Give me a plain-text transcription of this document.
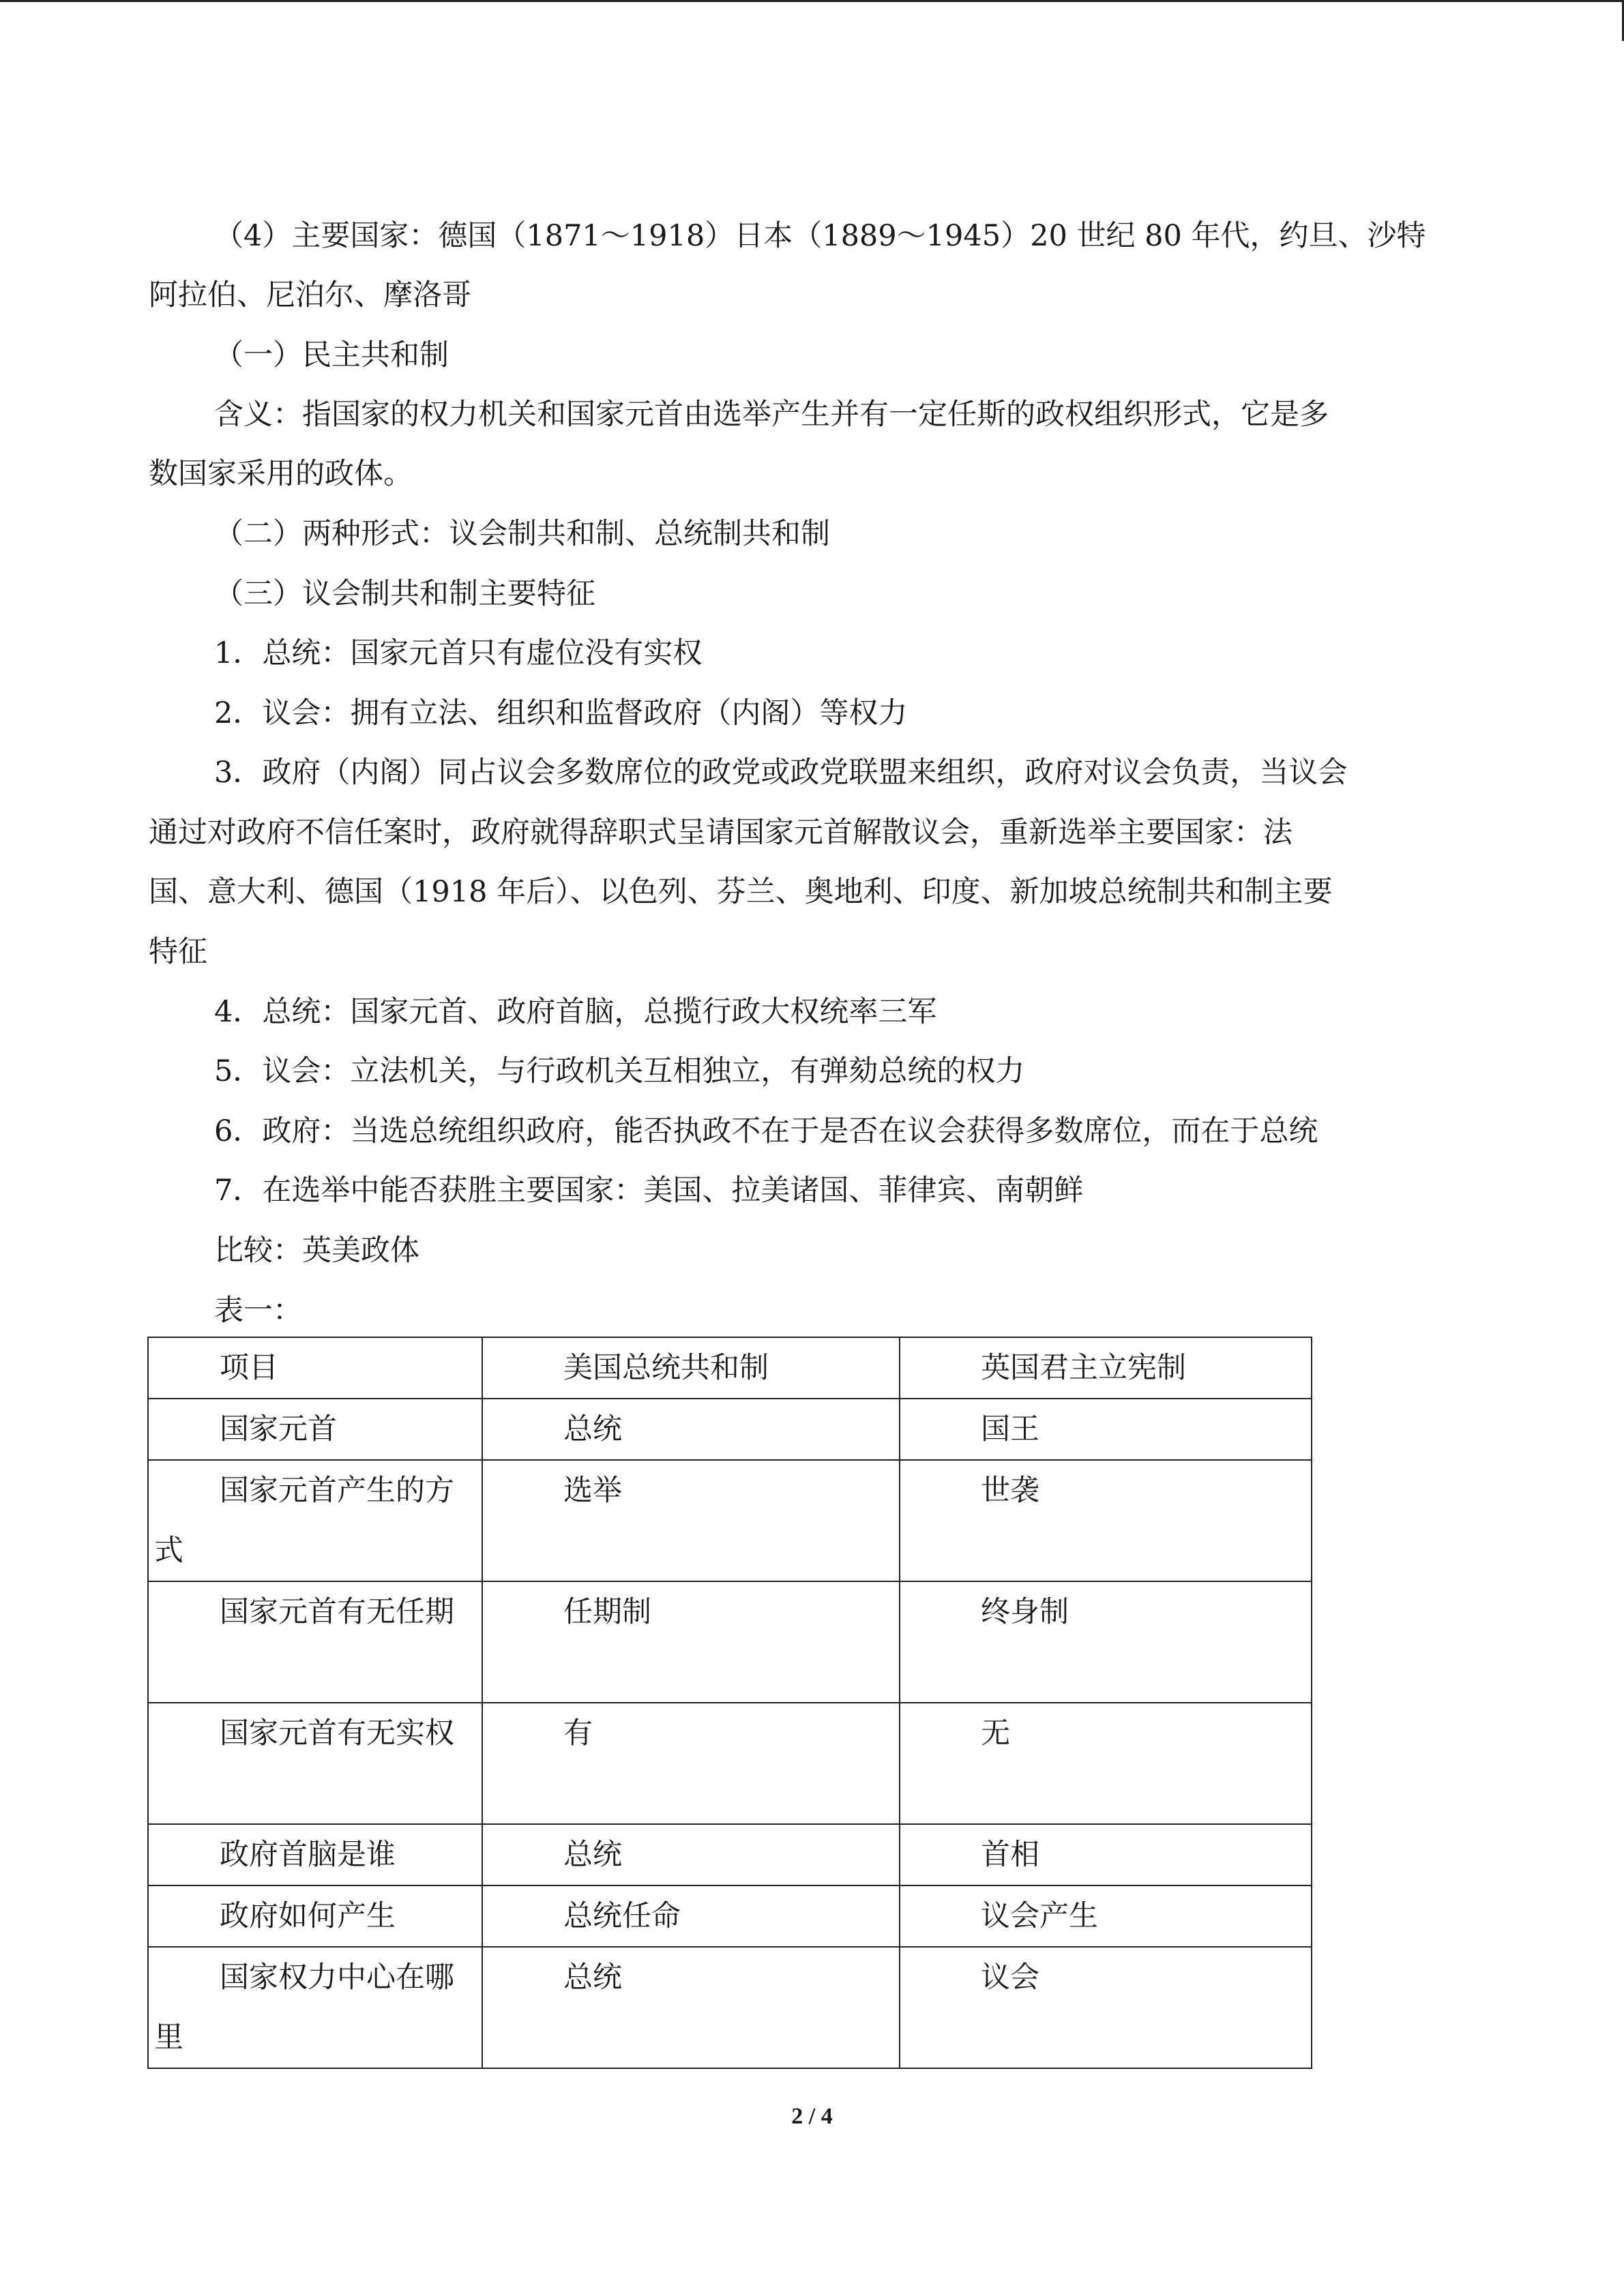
（4）主要国家：德国（1871～1918）日本（1889～1945）20 世纪 80 年代，约旦、沙特
阿拉伯、尼泊尔、摩洛哥
（一）民主共和制
含义：指国家的权力机关和国家元首由选举产生并有一定任斯的政权组织形式，它是多
数国家采用的政体。
（二）两种形式：议会制共和制、总统制共和制
（三）议会制共和制主要特征
1．总统：国家元首只有虚位没有实权
2．议会：拥有立法、组织和监督政府（内阁）等权力
3．政府（内阁）同占议会多数席位的政党或政党联盟来组织，政府对议会负责，当议会
通过对政府不信任案时，政府就得辞职式呈请国家元首解散议会，重新选举主要国家：法
国、意大利、德国（1918 年后）、以色列、芬兰、奥地利、印度、新加坡总统制共和制主要
特征
4．总统：国家元首、政府首脑，总揽行政大权统率三军
5．议会：立法机关，与行政机关互相独立，有弹劾总统的权力
6．政府：当选总统组织政府，能否执政不在于是否在议会获得多数席位，而在于总统
7．在选举中能否获胜主要国家：美国、拉美诸国、菲律宾、南朝鲜
比较：英美政体
表一：
项目	美国总统共和制	英国君主立宪制
国家元首	总统	国王
国家元首产生的方式	选举	世袭
国家元首有无任期	任期制	终身制
国家元首有无实权	有	无
政府首脑是谁	总统	首相
政府如何产生	总统任命	议会产生
国家权力中心在哪里	总统	议会
2 / 4
